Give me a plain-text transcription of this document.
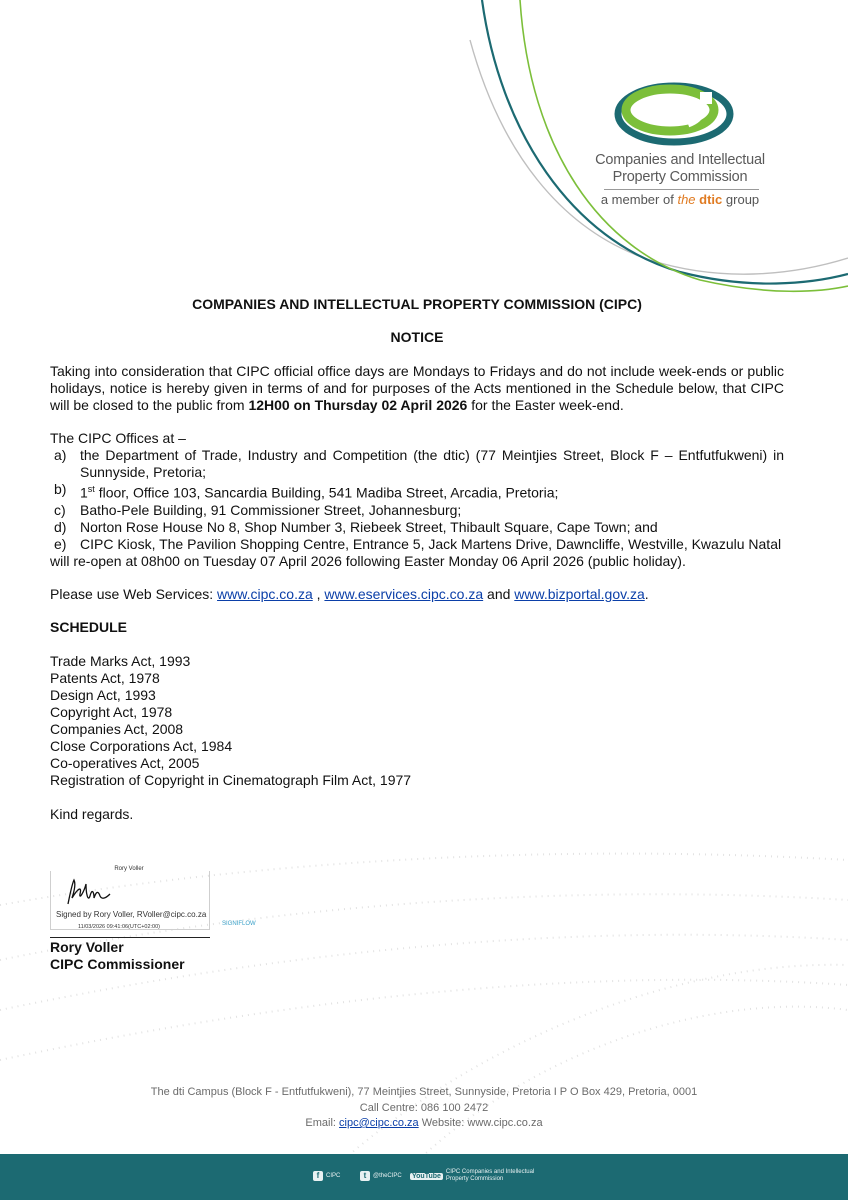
Companies and Intellectual
Property Commission
a member of the dtic group

COMPANIES AND INTELLECTUAL PROPERTY COMMISSION (CIPC)

NOTICE

Taking into consideration that CIPC official office days are Mondays to Fridays and do not include week-ends or public holidays, notice is hereby given in terms of and for purposes of the Acts mentioned in the Schedule below, that CIPC will be closed to the public from 12H00 on Thursday 02 April 2026 for the Easter week-end.

The CIPC Offices at –

a) the Department of Trade, Industry and Competition (the dtic) (77 Meintjies Street, Block F – Entfutfukweni) in Sunnyside, Pretoria;
b) 1st floor, Office 103, Sancardia Building, 541 Madiba Street, Arcadia, Pretoria;
c) Batho-Pele Building, 91 Commissioner Street, Johannesburg;
d) Norton Rose House No 8, Shop Number 3, Riebeek Street, Thibault Square, Cape Town; and
e) CIPC Kiosk, The Pavilion Shopping Centre, Entrance 5, Jack Martens Drive, Dawncliffe, Westville, Kwazulu Natal

will re-open at 08h00 on Tuesday 07 April 2026 following Easter Monday 06 April 2026 (public holiday).

Please use Web Services: www.cipc.co.za , www.eservices.cipc.co.za and www.bizportal.gov.za.

SCHEDULE

Trade Marks Act, 1993
Patents Act, 1978
Design Act, 1993
Copyright Act, 1978
Companies Act, 2008
Close Corporations Act, 1984
Co-operatives Act, 2005
Registration of Copyright in Cinematograph Film Act, 1977

Kind regards.

Rory Voller
Signed by Rory Voller, RVoller@cipc.co.za
11/03/2026 09:41:06(UTC+02:00)	SIGNIFLOW
Rory Voller
CIPC Commissioner
The dti Campus (Block F - Entfutfukweni), 77 Meintjies Street, Sunnyside, Pretoria I P O Box 429, Pretoria, 0001
Call Centre: 086 100 2472
Email: cipc@cipc.co.za Website: www.cipc.co.za
f	CIPC	t	@theCIPC YouTube
CIPC Companies and Intellectual
Property Commission
